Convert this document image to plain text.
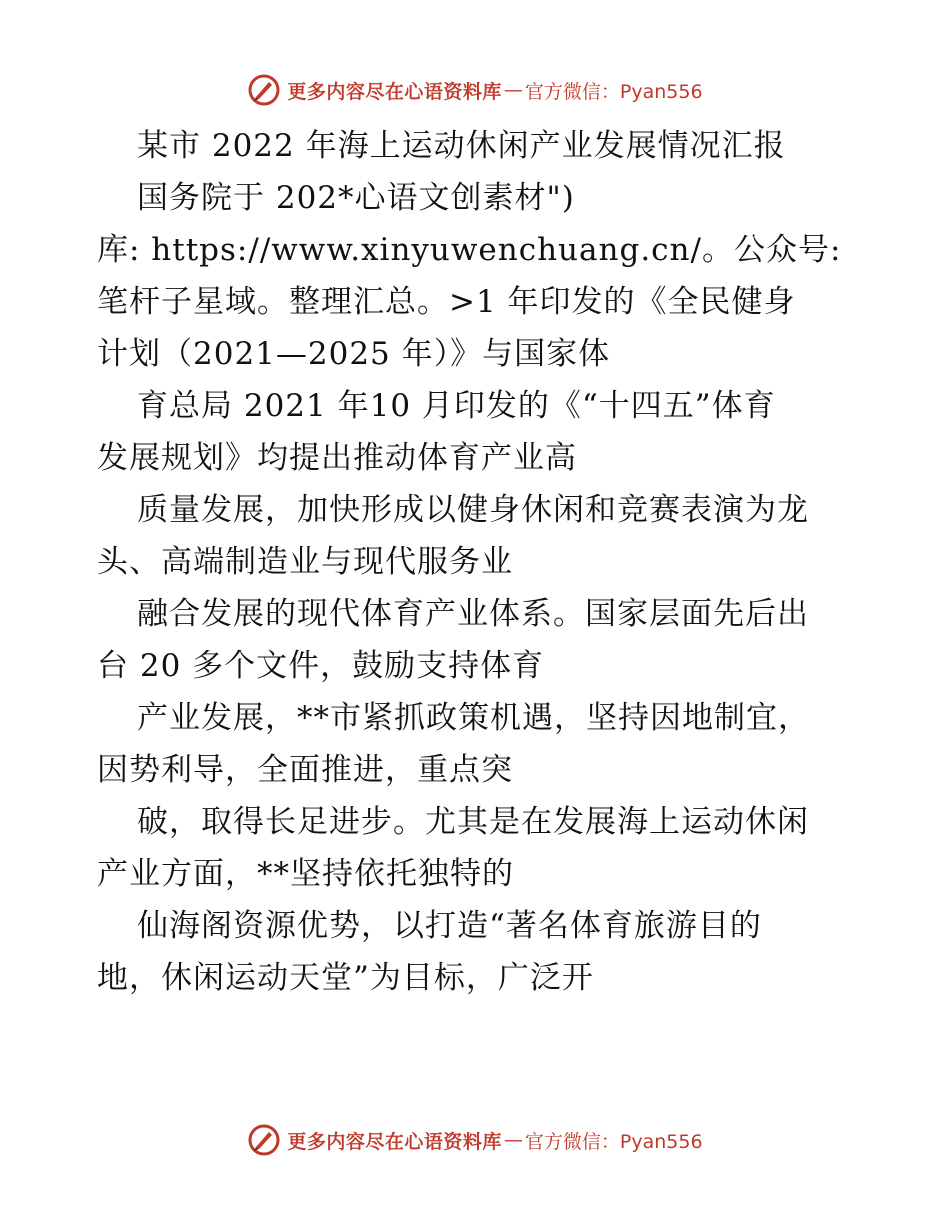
更多内容尽在心语资料库 — 官方微信：Pyan556
某市 2022 年海上运动休闲产业发展情况汇报
国务院于 202*心语文创素材")
库: https://www.xinyuwenchuang.cn/。公众号:
笔杆子星域。整理汇总。>1 年印发的《全民健身
计划（2021—2025 年）》与国家体
育总局 2021 年10 月印发的《“十四五”体育
发展规划》均提出推动体育产业高
质量发展，加快形成以健身休闲和竞赛表演为龙
头、高端制造业与现代服务业
融合发展的现代体育产业体系。国家层面先后出
台 20 多个文件，鼓励支持体育
产业发展，**市紧抓政策机遇，坚持因地制宜，
因势利导，全面推进，重点突
破，取得长足进步。尤其是在发展海上运动休闲
产业方面，**坚持依托独特的
仙海阁资源优势，以打造“著名体育旅游目的
地，休闲运动天堂”为目标，广泛开
更多内容尽在心语资料库 — 官方微信：Pyan556
